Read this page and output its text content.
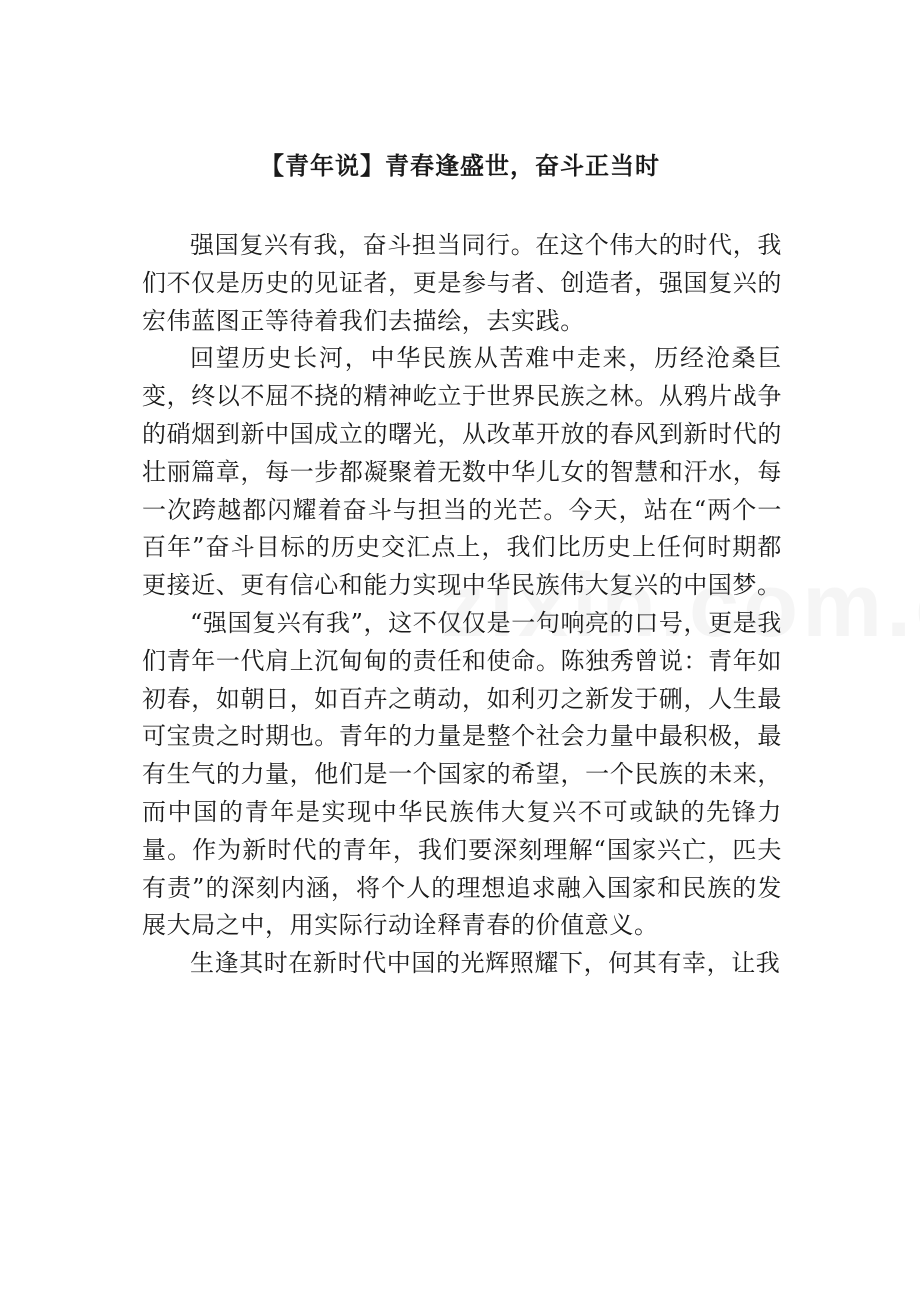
【青年说】青春逢盛世，奋斗正当时

强国复兴有我，奋斗担当同行。在这个伟大的时代，我们不仅是历史的见证者，更是参与者、创造者，强国复兴的宏伟蓝图正等待着我们去描绘，去实践。

回望历史长河，中华民族从苦难中走来，历经沧桑巨变，终以不屈不挠的精神屹立于世界民族之林。从鸦片战争的硝烟到新中国成立的曙光，从改革开放的春风到新时代的壮丽篇章，每一步都凝聚着无数中华儿女的智慧和汗水，每一次跨越都闪耀着奋斗与担当的光芒。今天，站在“两个一百年”奋斗目标的历史交汇点上，我们比历史上任何时期都更接近、更有信心和能力实现中华民族伟大复兴的中国梦。

“强国复兴有我”，这不仅仅是一句响亮的口号，更是我们青年一代肩上沉甸甸的责任和使命。陈独秀曾说：青年如初春，如朝日，如百卉之萌动，如利刃之新发于硎，人生最可宝贵之时期也。青年的力量是整个社会力量中最积极，最有生气的力量，他们是一个国家的希望，一个民族的未来，而中国的青年是实现中华民族伟大复兴不可或缺的先锋力量。作为新时代的青年，我们要深刻理解“国家兴亡，匹夫有责”的深刻内涵，将个人的理想追求融入国家和民族的发展大局之中，用实际行动诠释青春的价值意义。

生逢其时在新时代中国的光辉照耀下，何其有幸，让我
